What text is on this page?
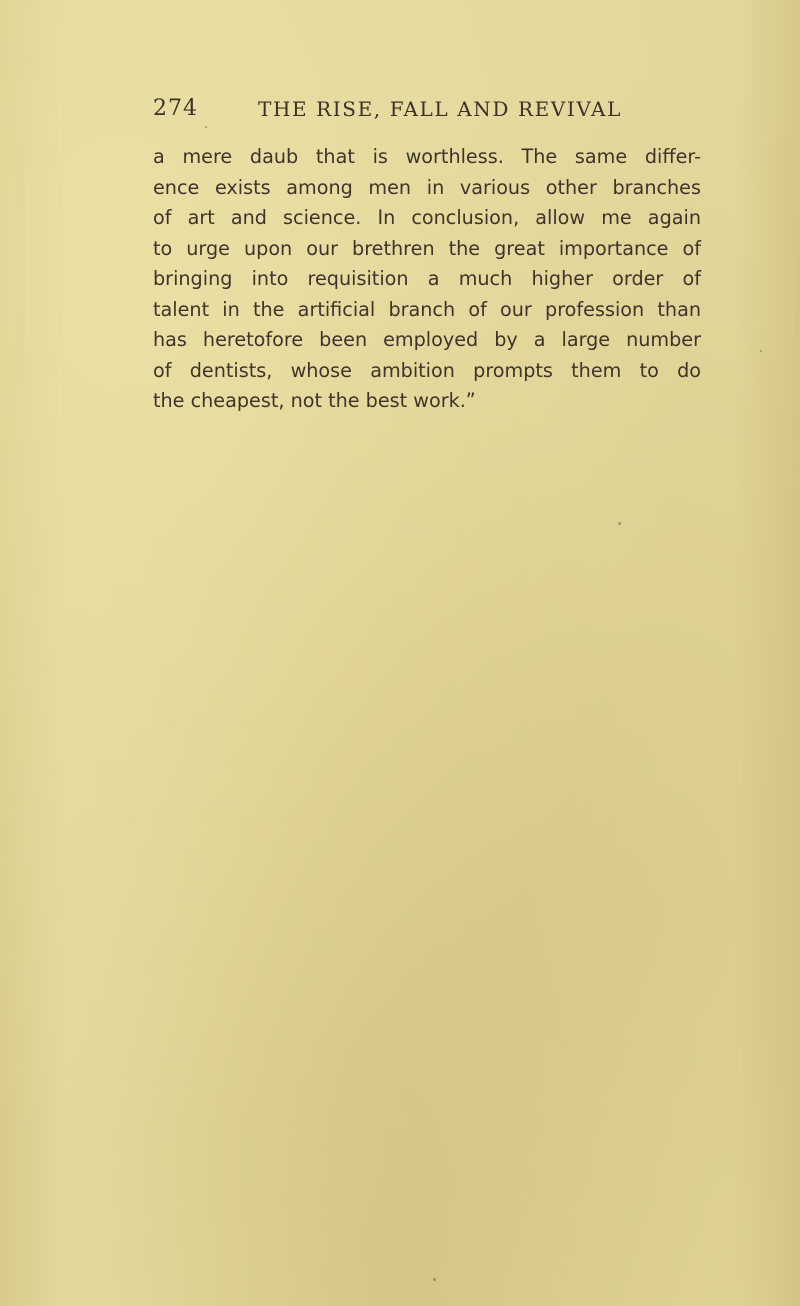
274	THE RISE, FALL AND REVIVAL
a mere daub that is worthless. The same differ-
ence exists among men in various other branches
of art and science. In conclusion, allow me again
to urge upon our brethren the great importance of
bringing into requisition a much higher order of
talent in the artificial branch of our profession than
has heretofore been employed by a large number
of dentists, whose ambition prompts them to do
the cheapest, not the best work.”
